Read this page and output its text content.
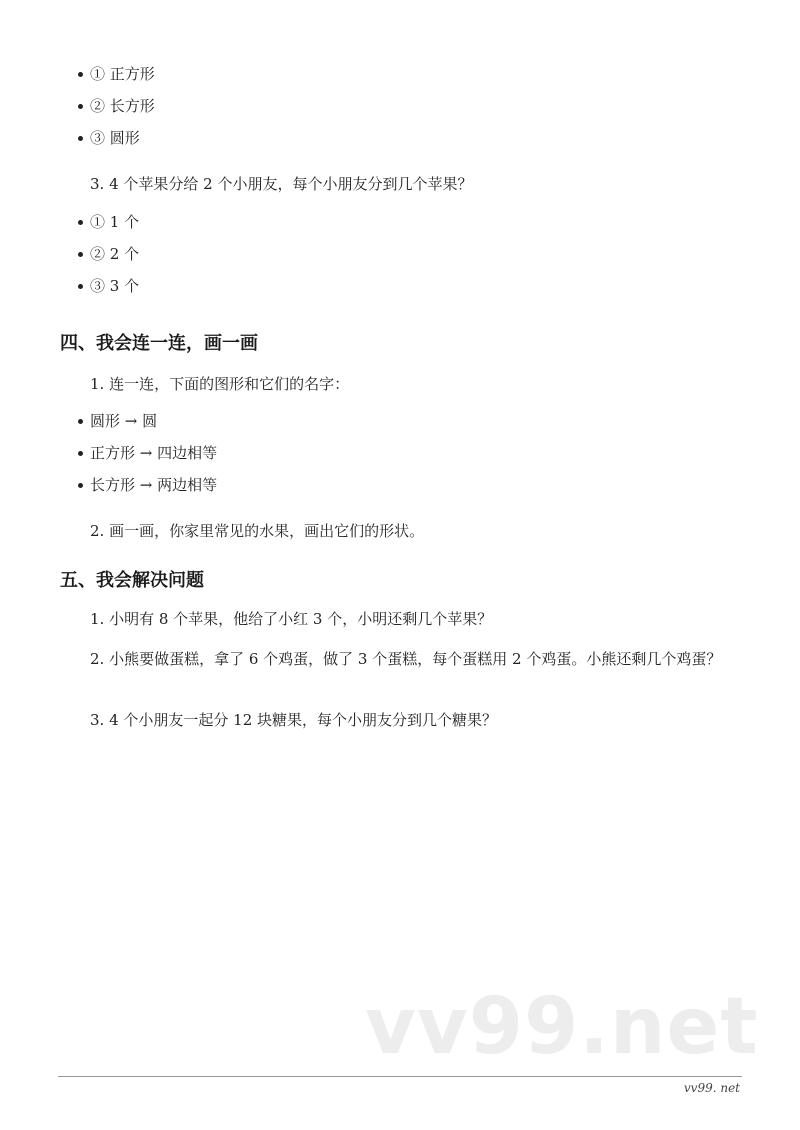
① 正方形
② 长方形
③ 圆形

3. 4 个苹果分给 2 个小朋友，每个小朋友分到几个苹果？

① 1 个
② 2 个
③ 3 个
四、我会连一连，画一画

1. 连一连，下面的图形和它们的名字：

圆形 → 圆
正方形 → 四边相等
长方形 → 两边相等

2. 画一画，你家里常见的水果，画出它们的形状。

五、我会解决问题

1. 小明有 8 个苹果，他给了小红 3 个，小明还剩几个苹果？

2. 小熊要做蛋糕，拿了 6 个鸡蛋，做了 3 个蛋糕，每个蛋糕用 2 个鸡蛋。小熊还剩几个鸡蛋？

3. 4 个小朋友一起分 12 块糖果，每个小朋友分到几个糖果？

vv99.net
vv99. net
